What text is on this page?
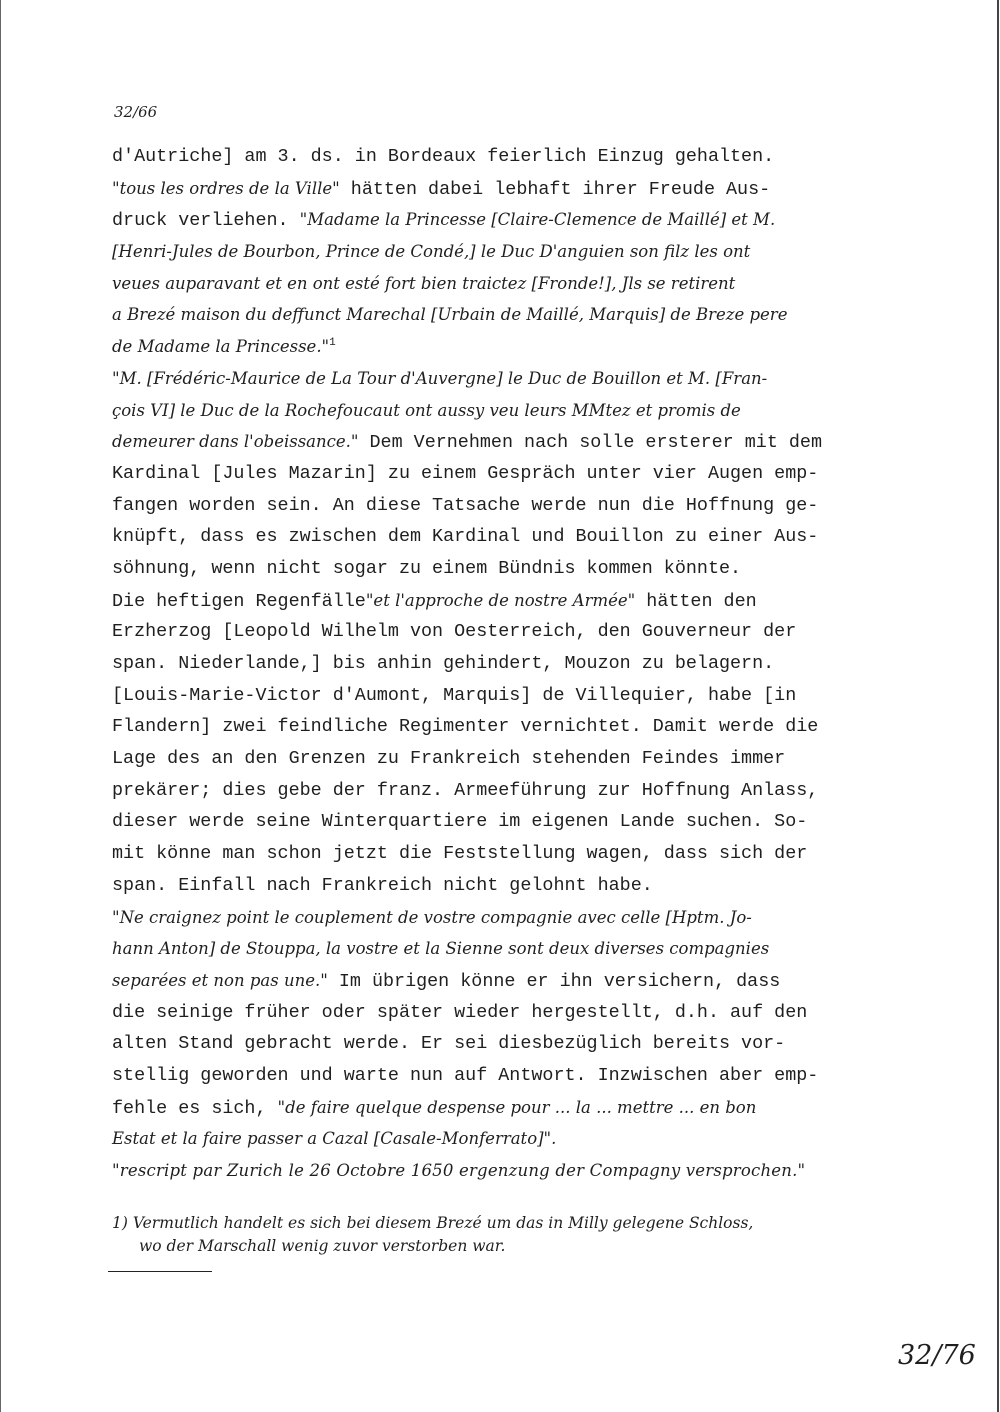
32/66
d'Autriche] am 3. ds. in Bordeaux feierlich Einzug gehalten.
"tous les ordres de la Ville" hätten dabei lebhaft ihrer Freude Aus-
druck verliehen. "Madame la Princesse [Claire-Clemence de Maillé] et M.
[Henri-Jules de Bourbon, Prince de Condé,] le Duc D'anguien son filz les ont
veues auparavant et en ont esté fort bien traictez [Fronde!], Jls se retirent
a Brezé maison du deffunct Marechal [Urbain de Maillé, Marquis] de Breze pere
de Madame la Princesse."$^1$
"M. [Frédéric-Maurice de La Tour d'Auvergne] le Duc de Bouillon et M. [Fran-
çois VI] le Duc de la Rochefoucaut ont aussy veu leurs MMtez et promis de
demeurer dans l'obeissance." Dem Vernehmen nach solle ersterer mit dem
Kardinal [Jules Mazarin] zu einem Gespräch unter vier Augen emp-
fangen worden sein. An diese Tatsache werde nun die Hoffnung ge-
knüpft, dass es zwischen dem Kardinal und Bouillon zu einer Aus-
söhnung, wenn nicht sogar zu einem Bündnis kommen könnte.
Die heftigen Regenfälle"et l'approche de nostre Armée" hätten den
Erzherzog [Leopold Wilhelm von Oesterreich, den Gouverneur der
span. Niederlande,] bis anhin gehindert, Mouzon zu belagern.
[Louis-Marie-Victor d'Aumont, Marquis] de Villequier, habe [in
Flandern] zwei feindliche Regimenter vernichtet. Damit werde die
Lage des an den Grenzen zu Frankreich stehenden Feindes immer
prekärer; dies gebe der franz. Armeeführung zur Hoffnung Anlass,
dieser werde seine Winterquartiere im eigenen Lande suchen. So-
mit könne man schon jetzt die Feststellung wagen, dass sich der
span. Einfall nach Frankreich nicht gelohnt habe.
"Ne craignez point le couplement de vostre compagnie avec celle [Hptm. Jo-
hann Anton] de Stouppa, la vostre et la Sienne sont deux diverses compagnies
separées et non pas une." Im übrigen könne er ihn versichern, dass
die seinige früher oder später wieder hergestellt, d.h. auf den
alten Stand gebracht werde. Er sei diesbezüglich bereits vor-
stellig geworden und warte nun auf Antwort. Inzwischen aber emp-
fehle es sich, "de faire quelque despense pour ... la ... mettre ... en bon
Estat et la faire passer a Cazal [Casale-Monferrato]".
"rescript par Zurich le 26 Octobre 1650 ergenzung der Compagny versprochen."
1) Vermutlich handelt es sich bei diesem Brezé um das in Milly gelegene Schloss,
wo der Marschall wenig zuvor verstorben war.
32/76
